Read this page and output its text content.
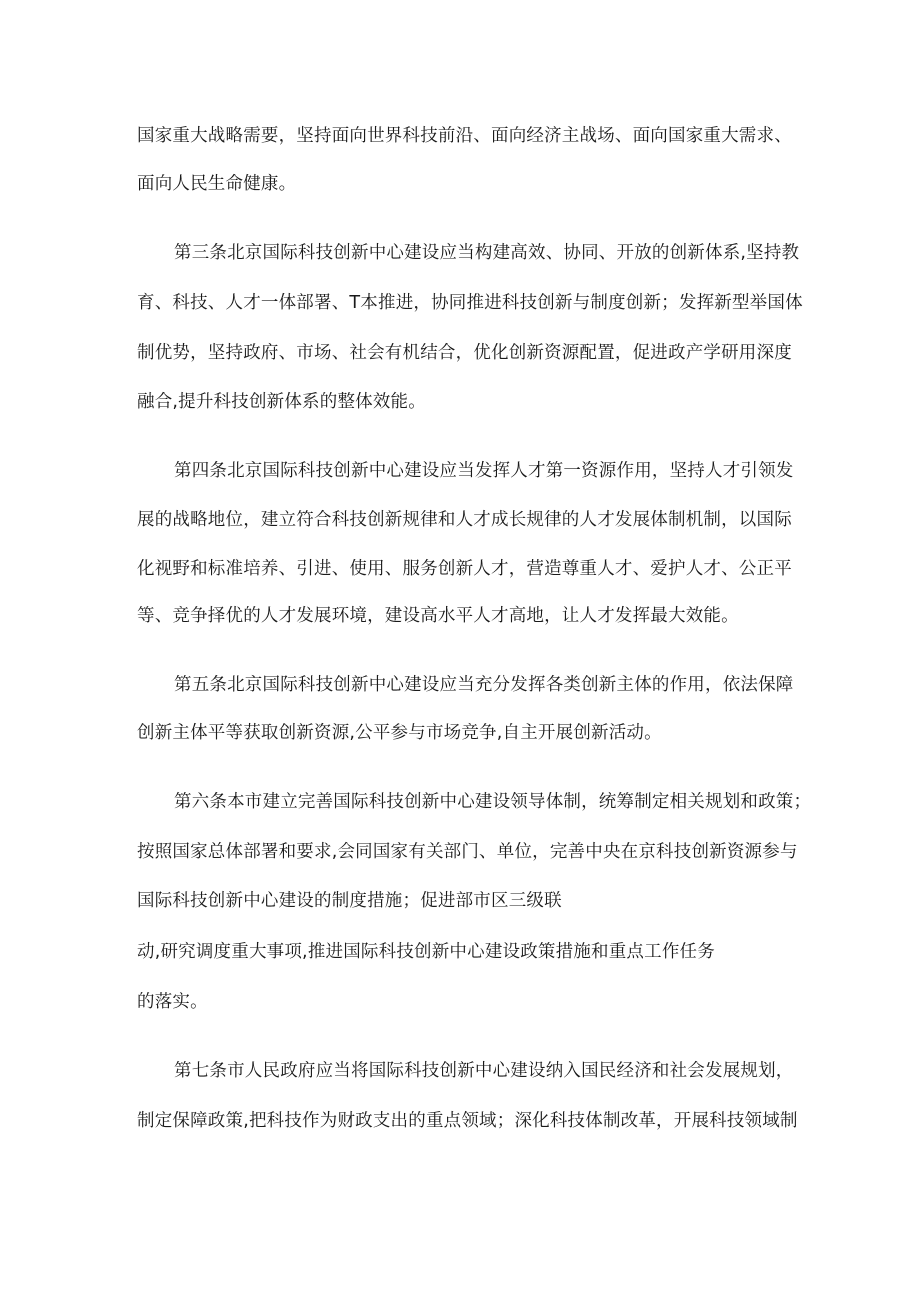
国家重大战略需要，坚持面向世界科技前沿、面向经济主战场、面向国家重大需求、
面向人民生命健康。
第三条北京国际科技创新中心建设应当构建高效、协同、开放的创新体系,坚持教
育、科技、人才一体部署、T本推进，协同推进科技创新与制度创新；发挥新型举国体
制优势，坚持政府、市场、社会有机结合，优化创新资源配置，促进政产学研用深度
融合,提升科技创新体系的整体效能。
第四条北京国际科技创新中心建设应当发挥人才第一资源作用，坚持人才引领发
展的战略地位，建立符合科技创新规律和人才成长规律的人才发展体制机制，以国际
化视野和标准培养、引进、使用、服务创新人才，营造尊重人才、爱护人才、公正平
等、竞争择优的人才发展环境，建设高水平人才高地，让人才发挥最大效能。
第五条北京国际科技创新中心建设应当充分发挥各类创新主体的作用，依法保障
创新主体平等获取创新资源,公平参与市场竞争,自主开展创新活动。
第六条本市建立完善国际科技创新中心建设领导体制，统筹制定相关规划和政策；
按照国家总体部署和要求,会同国家有关部门、单位，完善中央在京科技创新资源参与
国际科技创新中心建设的制度措施；促进部市区三级联
动,研究调度重大事项,推进国际科技创新中心建设政策措施和重点工作任务
的落实。
第七条市人民政府应当将国际科技创新中心建设纳入国民经济和社会发展规划，
制定保障政策,把科技作为财政支出的重点领域；深化科技体制改革，开展科技领域制
